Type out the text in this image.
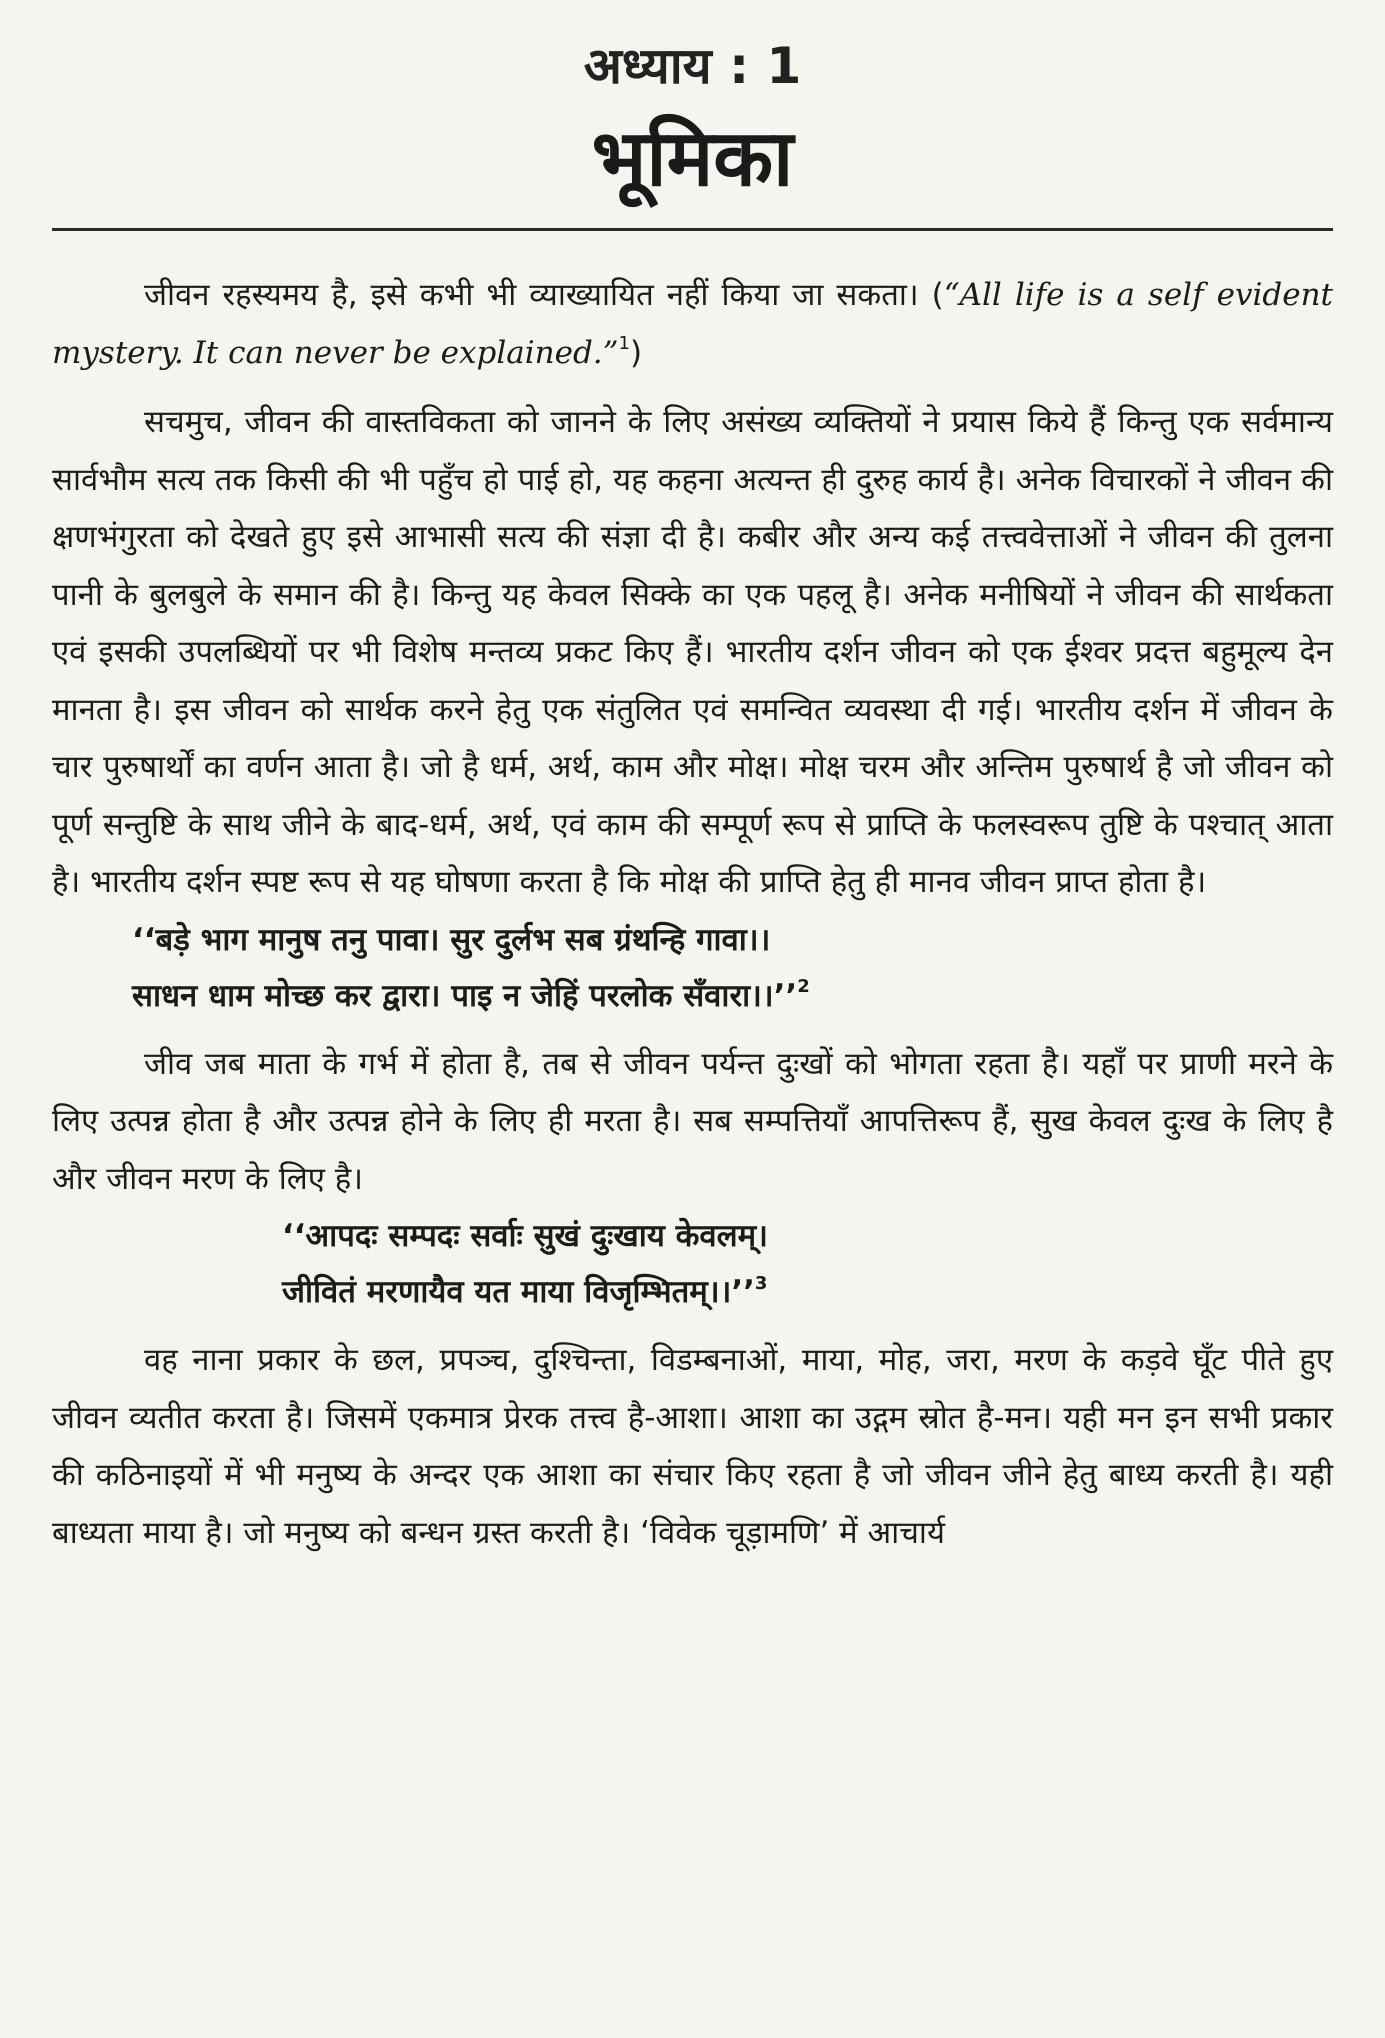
अध्याय : 1
भूमिका

जीवन रहस्यमय है, इसे कभी भी व्याख्यायित नहीं किया जा सकता। (“All life is a self evident mystery. It can never be explained.”$^1$)

सचमुच, जीवन की वास्तविकता को जानने के लिए असंख्य व्यक्तियों ने प्रयास किये हैं किन्तु एक सर्वमान्य सार्वभौम सत्य तक किसी की भी पहुँच हो पाई हो, यह कहना अत्यन्त ही दुरुह कार्य है। अनेक विचारकों ने जीवन की क्षणभंगुरता को देखते हुए इसे आभासी सत्य की संज्ञा दी है। कबीर और अन्य कई तत्त्ववेत्ताओं ने जीवन की तुलना पानी के बुलबुले के समान की है। किन्तु यह केवल सिक्के का एक पहलू है। अनेक मनीषियों ने जीवन की सार्थकता एवं इसकी उपलब्धियों पर भी विशेष मन्तव्य प्रकट किए हैं। भारतीय दर्शन जीवन को एक ईश्वर प्रदत्त बहुमूल्य देन मानता है। इस जीवन को सार्थक करने हेतु एक संतुलित एवं समन्वित व्यवस्था दी गई। भारतीय दर्शन में जीवन के चार पुरुषार्थों का वर्णन आता है। जो है धर्म, अर्थ, काम और मोक्ष। मोक्ष चरम और अन्तिम पुरुषार्थ है जो जीवन को पूर्ण सन्तुष्टि के साथ जीने के बाद-धर्म, अर्थ, एवं काम की सम्पूर्ण रूप से प्राप्ति के फलस्वरूप तुष्टि के पश्चात् आता है। भारतीय दर्शन स्पष्ट रूप से यह घोषणा करता है कि मोक्ष की प्राप्ति हेतु ही मानव जीवन प्राप्त होता है।

‘‘बड़े भाग मानुष तनु पावा। सुर दुर्लभ सब ग्रंथन्हि गावा।।

साधन धाम मोच्छ कर द्वारा। पाइ न जेहिं परलोक सँवारा।।’’$^2$

जीव जब माता के गर्भ में होता है, तब से जीवन पर्यन्त दुःखों को भोगता रहता है। यहाँ पर प्राणी मरने के लिए उत्पन्न होता है और उत्पन्न होने के लिए ही मरता है। सब सम्पत्तियाँ आपत्तिरूप हैं, सुख केवल दुःख के लिए है और जीवन मरण के लिए है।

‘‘आपदः सम्पदः सर्वाः सुखं दुःखाय केवलम्।

जीवितं मरणायैव यत माया विजृम्भितम्।।’’$^3$

वह नाना प्रकार के छल, प्रपञ्च, दुश्चिन्ता, विडम्बनाओं, माया, मोह, जरा, मरण के कड़वे घूँट पीते हुए जीवन व्यतीत करता है। जिसमें एकमात्र प्रेरक तत्त्व है-आशा। आशा का उद्गम स्रोत है-मन। यही मन इन सभी प्रकार की कठिनाइयों में भी मनुष्य के अन्दर एक आशा का संचार किए रहता है जो जीवन जीने हेतु बाध्य करती है। यही बाध्यता माया है। जो मनुष्य को बन्धन ग्रस्त करती है। ‘विवेक चूड़ामणि’ में आचार्य
